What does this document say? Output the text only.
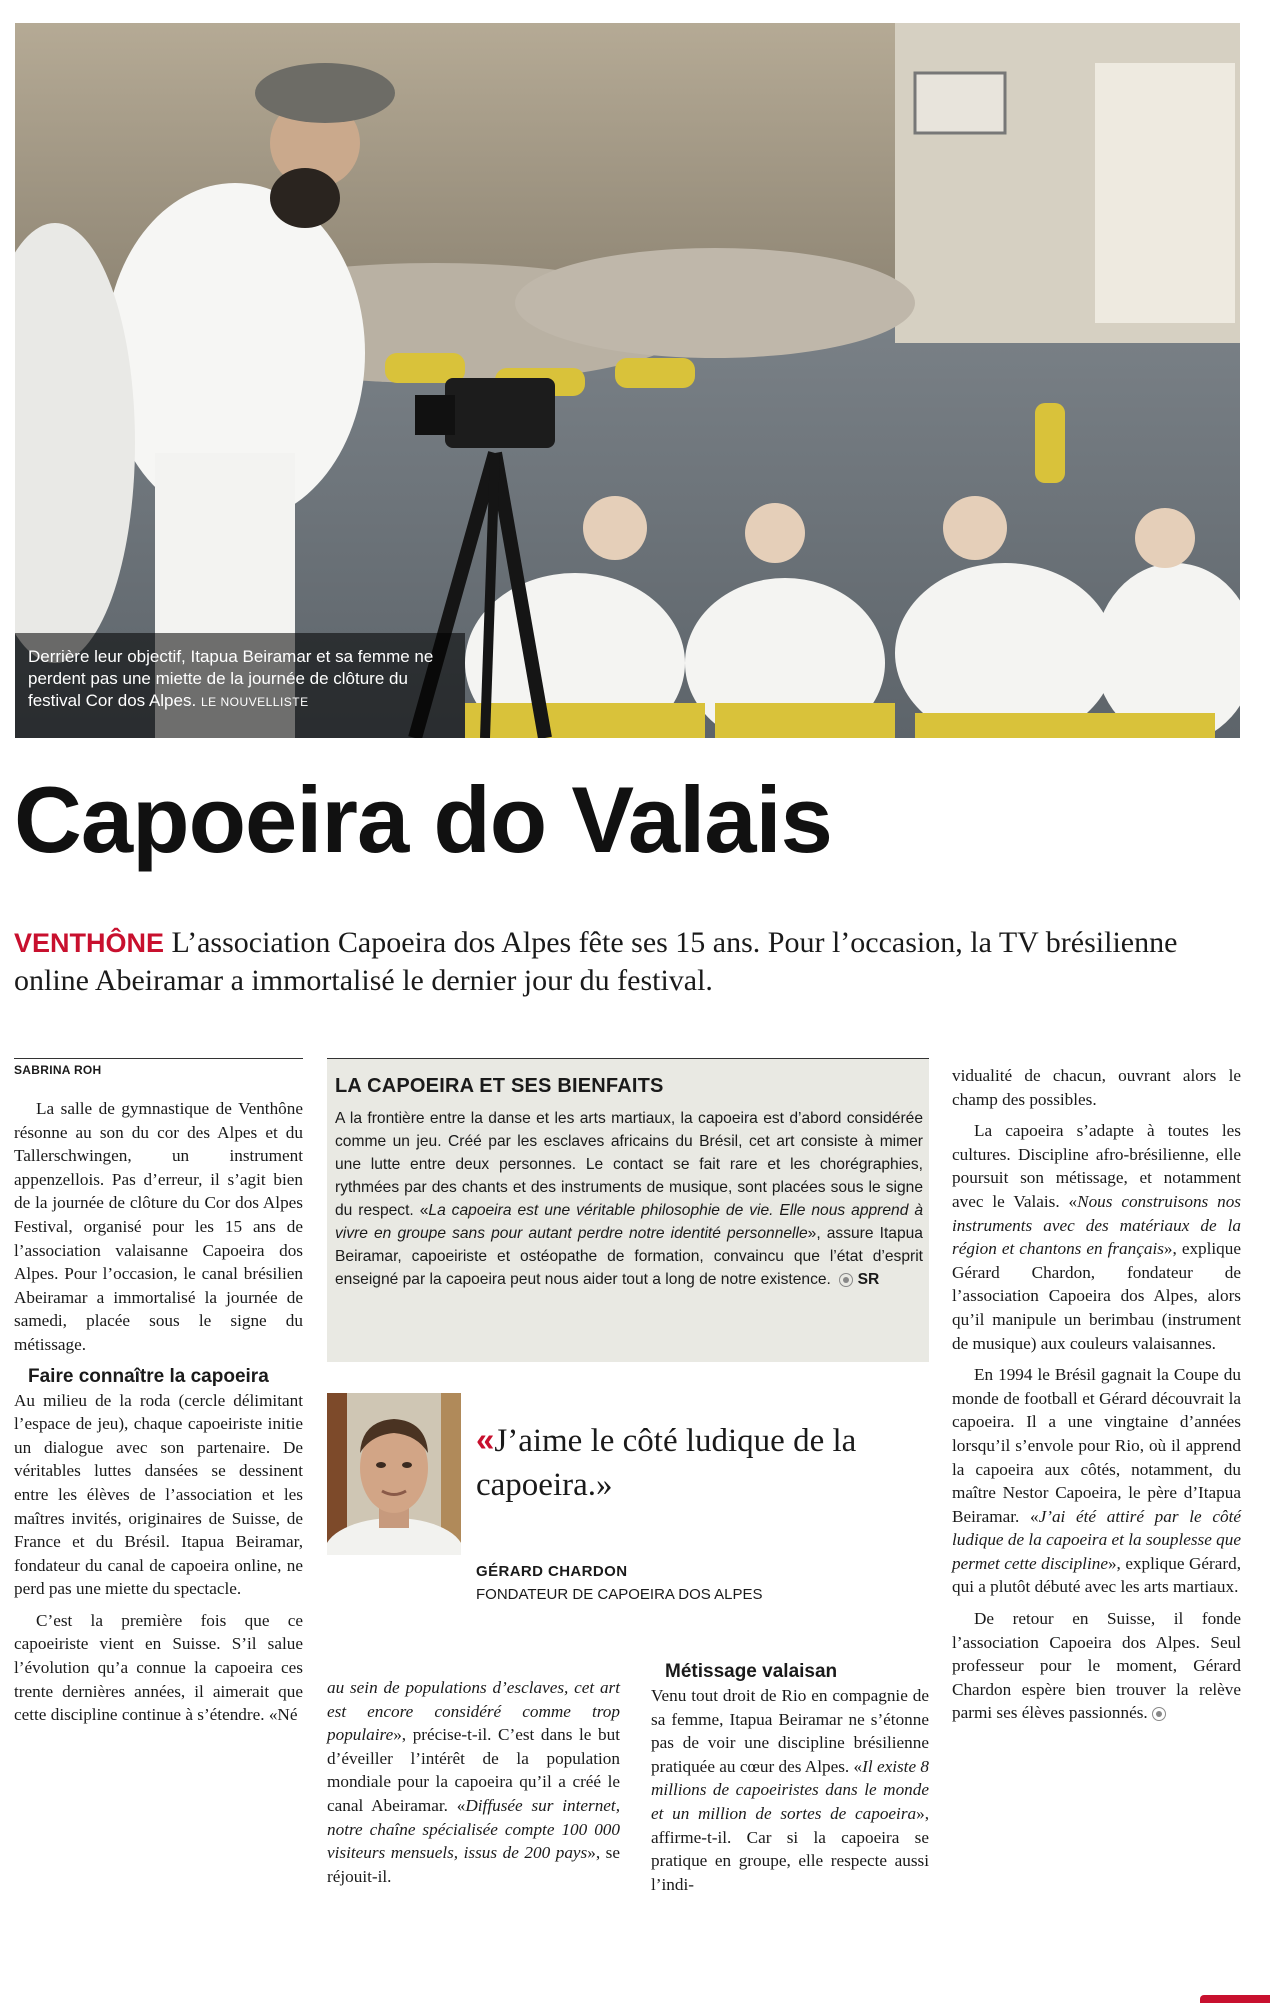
Derrière leur objectif, Itapua Beiramar et sa femme ne perdent pas une miette de la journée de clôture du festival Cor dos Alpes. LE NOUVELLISTE
Capoeira do Valais
VENTHÔNE L’association Capoeira dos Alpes fête ses 15 ans. Pour l’occasion, la TV brésilienne online Abeiramar a immortalisé le dernier jour du festival.
SABRINA ROH

La salle de gymnastique de Venthône résonne au son du cor des Alpes et du Tallerschwingen, un instrument appenzellois. Pas d’erreur, il s’agit bien de la journée de clôture du Cor dos Alpes Festival, organisé pour les 15 ans de l’association valaisanne Capoeira dos Alpes. Pour l’occasion, le canal brésilien Abeiramar a immortalisé la journée de samedi, placée sous le signe du métissage.

Faire connaître la capoeira

Au milieu de la roda (cercle délimitant l’espace de jeu), chaque capoeiriste initie un dialogue avec son partenaire. De véritables luttes dansées se dessinent entre les élèves de l’association et les maîtres invités, originaires de Suisse, de France et du Brésil. Itapua Beiramar, fondateur du canal de capoeira online, ne perd pas une miette du spectacle.

C’est la première fois que ce capoeiriste vient en Suisse. S’il salue l’évolution qu’a connue la capoeira ces trente dernières années, il aimerait que cette discipline continue à s’étendre. «Né

LA CAPOEIRA ET SES BIENFAITS
A la frontière entre la danse et les arts martiaux, la capoeira est d’abord considérée comme un jeu. Créé par les esclaves africains du Brésil, cet art consiste à mimer une lutte entre deux personnes. Le contact se fait rare et les chorégraphies, rythmées par des chants et des instruments de musique, sont placées sous le signe du respect. «La capoeira est une véritable philosophie de vie. Elle nous apprend à vivre en groupe sans pour autant perdre notre identité personnelle», assure Itapua Beiramar, capoeiriste et ostéopathe de formation, convaincu que l’état d’esprit enseigné par la capoeira peut nous aider tout a long de notre existence. SR
«J’aime le côté ludique de la capoeira.»
GÉRARD CHARDON
FONDATEUR DE CAPOEIRA DOS ALPES

au sein de populations d’esclaves, cet art est encore considéré comme trop populaire», précise-t-il. C’est dans le but d’éveiller l’intérêt de la population mondiale pour la capoeira qu’il a créé le canal Abeiramar. «Diffusée sur internet, notre chaîne spécialisée compte 100 000 visiteurs mensuels, issus de 200 pays», se réjouit-il.

Métissage valaisan

Venu tout droit de Rio en compagnie de sa femme, Itapua Beiramar ne s’étonne pas de voir une discipline brésilienne pratiquée au cœur des Alpes. «Il existe 8 millions de capoeiristes dans le monde et un million de sortes de capoeira», affirme-t-il. Car si la capoeira se pratique en groupe, elle respecte aussi l’indi-

vidualité de chacun, ouvrant alors le champ des possibles.

La capoeira s’adapte à toutes les cultures. Discipline afro-brésilienne, elle poursuit son métissage, et notamment avec le Valais. «Nous construisons nos instruments avec des matériaux de la région et chantons en français», explique Gérard Chardon, fondateur de l’association Capoeira dos Alpes, alors qu’il manipule un berimbau (instrument de musique) aux couleurs valaisannes.

En 1994 le Brésil gagnait la Coupe du monde de football et Gérard découvrait la capoeira. Il a une vingtaine d’années lorsqu’il s’envole pour Rio, où il apprend la capoeira aux côtés, notamment, du maître Nestor Capoeira, le père d’Itapua Beiramar. «J’ai été attiré par le côté ludique de la capoeira et la souplesse que permet cette discipline», explique Gérard, qui a plutôt débuté avec les arts martiaux.

De retour en Suisse, il fonde l’association Capoeira dos Alpes. Seul professeur pour le moment, Gérard Chardon espère bien trouver la relève parmi ses élèves passionnés.
